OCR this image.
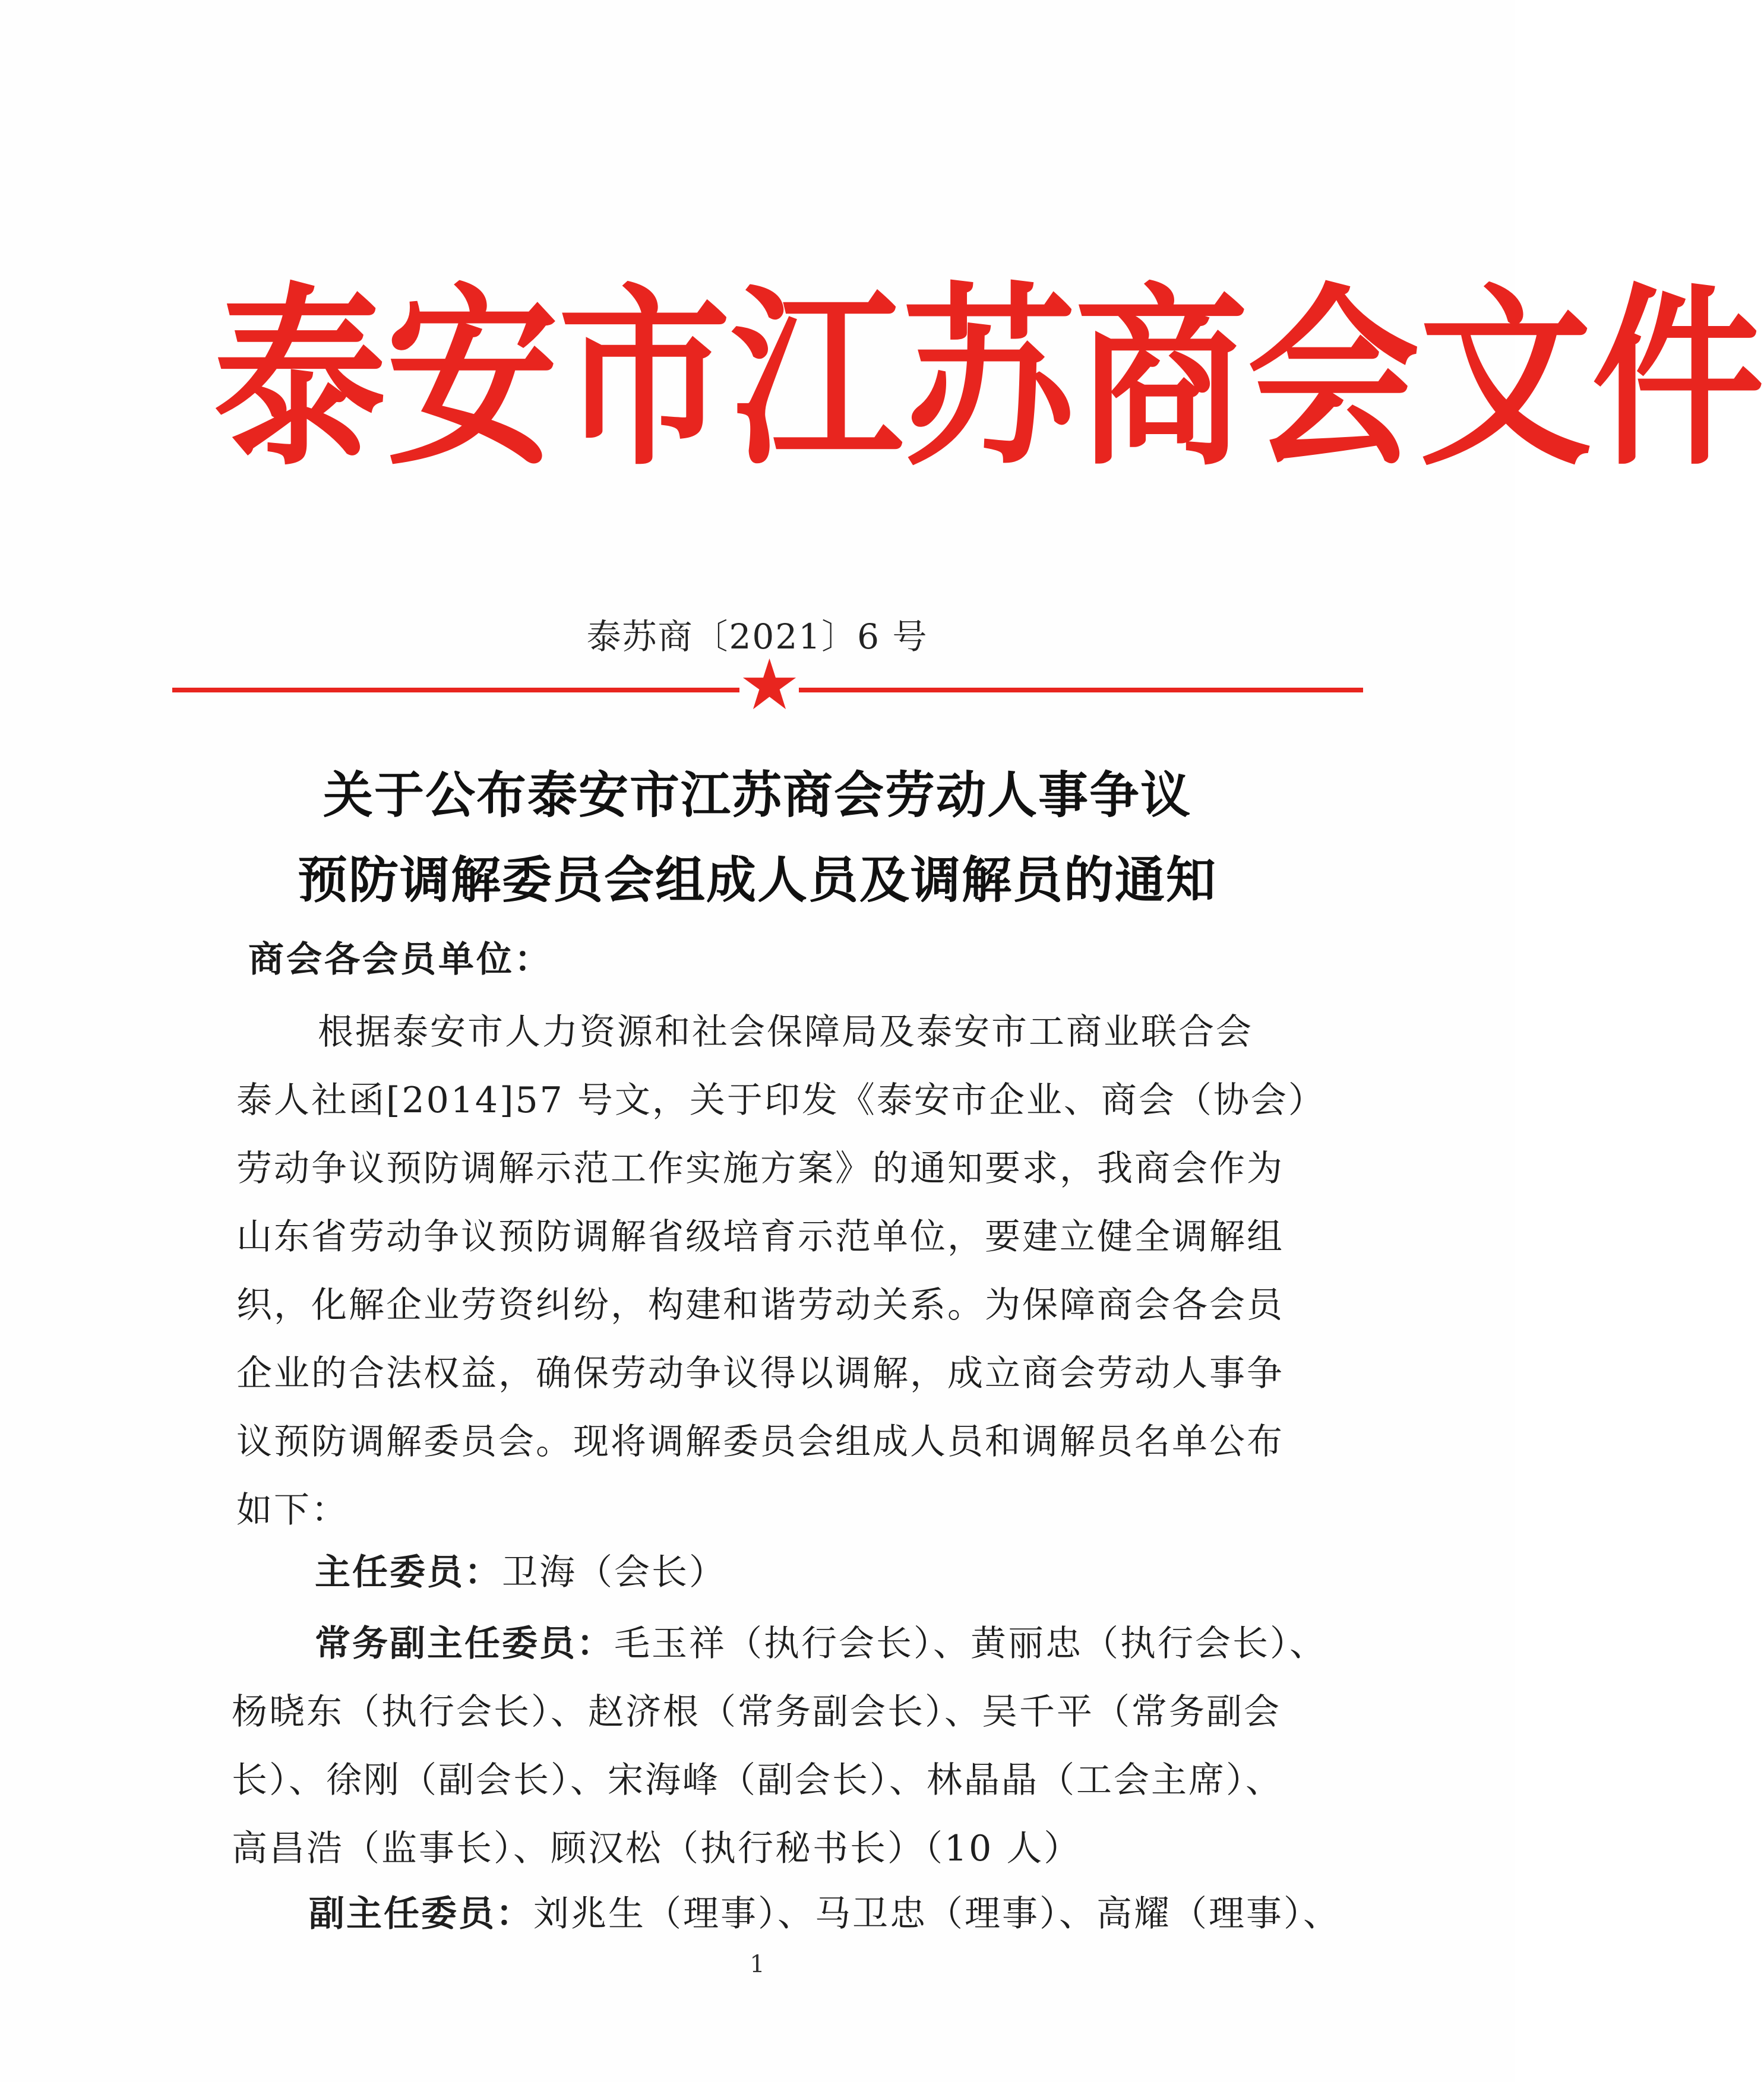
泰 安 市 江 苏 商 会 文 件
泰苏商〔2021〕6 号
关于公布泰安市江苏商会劳动人事争议
预防调解委员会组成人员及调解员的通知
商会各会员单位：
根据泰安市人力资源和社会保障局及泰安市工商业联合会
泰人社函[2014]57 号文，关于印发《泰安市企业、商会（协会）
劳动争议预防调解示范工作实施方案》的通知要求，我商会作为
山东省劳动争议预防调解省级培育示范单位，要建立健全调解组
织，化解企业劳资纠纷，构建和谐劳动关系。为保障商会各会员
企业的合法权益，确保劳动争议得以调解，成立商会劳动人事争
议预防调解委员会。现将调解委员会组成人员和调解员名单公布
如下：
主任委员：卫海（会长）
常务副主任委员：毛玉祥（执行会长）、黄丽忠（执行会长）、
杨晓东（执行会长）、赵济根（常务副会长）、吴千平（常务副会
长）、徐刚（副会长）、宋海峰（副会长）、林晶晶（工会主席）、
高昌浩（监事长）、顾汉松（执行秘书长）（10 人）
副主任委员：刘兆生（理事）、马卫忠（理事）、高耀（理事）、
1
